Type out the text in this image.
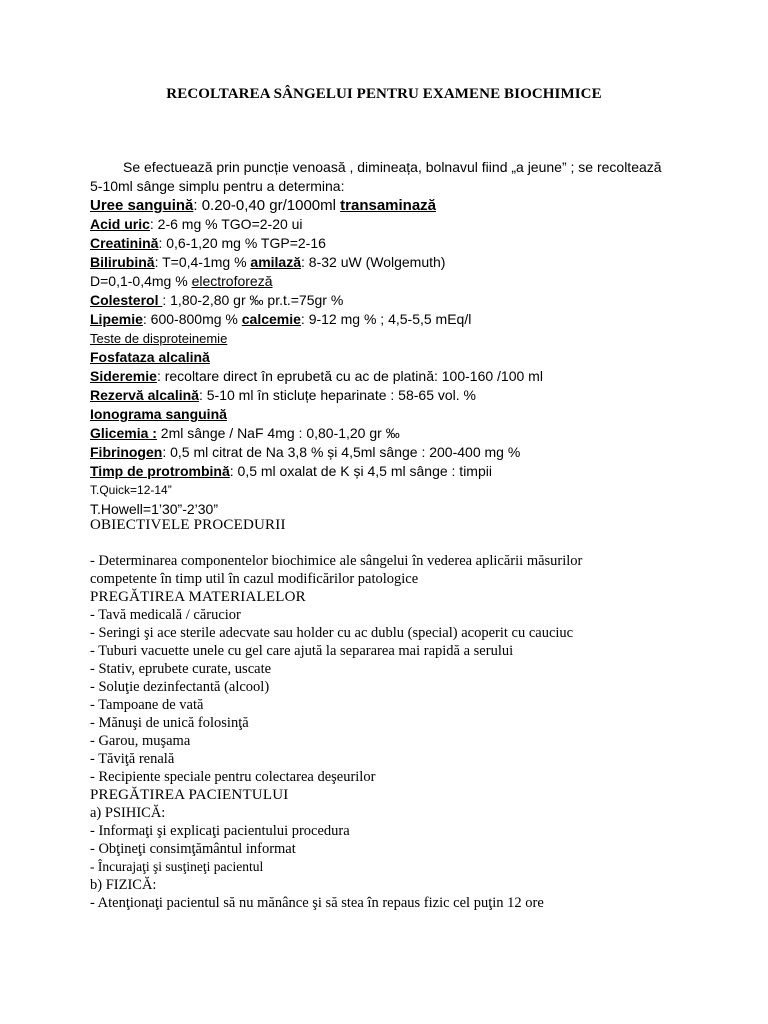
RECOLTAREA SÂNGELUI PENTRU EXAMENE BIOCHIMICE
Se efectuează prin puncție venoasă , dimineața, bolnavul fiind „a jeune” ; se recoltează
5-10ml sânge simplu pentru a determina:
Uree sanguină: 0.20-0,40 gr/1000ml transaminază
Acid uric: 2-6 mg % TGO=2-20 ui
Creatinină: 0,6-1,20 mg % TGP=2-16
Bilirubină: T=0,4-1mg % amilază: 8-32 uW (Wolgemuth)
D=0,1-0,4mg % electroforeză
Colesterol : 1,80-2,80 gr ‰ pr.t.=75gr %
Lipemie: 600-800mg % calcemie: 9-12 mg % ; 4,5-5,5 mEq/l
Teste de disproteinemie
Fosfataza alcalină
Sideremie: recoltare direct în eprubetă cu ac de platină: 100-160 /100 ml
Rezervă alcalină: 5-10 ml în sticluțe heparinate : 58-65 vol. %
Ionograma sanguină
Glicemia : 2ml sânge / NaF 4mg : 0,80-1,20 gr ‰
Fibrinogen: 0,5 ml citrat de Na 3,8 % și 4,5ml sânge : 200-400 mg %
Timp de protrombină: 0,5 ml oxalat de K și 4,5 ml sânge : timpii
T.Quick=12-14”
T.Howell=1’30”-2’30”
OBIECTIVELE PROCEDURII
- Determinarea componentelor biochimice ale sângelui în vederea aplicării măsurilor
competente în timp util în cazul modificărilor patologice
PREGĂTIREA MATERIALELOR
- Tavă medicală / cărucior
- Seringi şi ace sterile adecvate sau holder cu ac dublu (special) acoperit cu cauciuc
- Tuburi vacuette unele cu gel care ajută la separarea mai rapidă a serului
- Stativ, eprubete curate, uscate
- Soluţie dezinfectantă (alcool)
- Tampoane de vată
- Mănuşi de unică folosinţă
- Garou, muşama
- Tăviţă renală
- Recipiente speciale pentru colectarea deşeurilor
PREGĂTIREA PACIENTULUI
a) PSIHICĂ:
- Informaţi şi explicaţi pacientului procedura
- Obţineţi consimţământul informat
- Încurajaţi şi susţineţi pacientul
b) FIZICĂ:
- Atenţionaţi pacientul să nu mănânce şi să stea în repaus fizic cel puţin 12 ore
